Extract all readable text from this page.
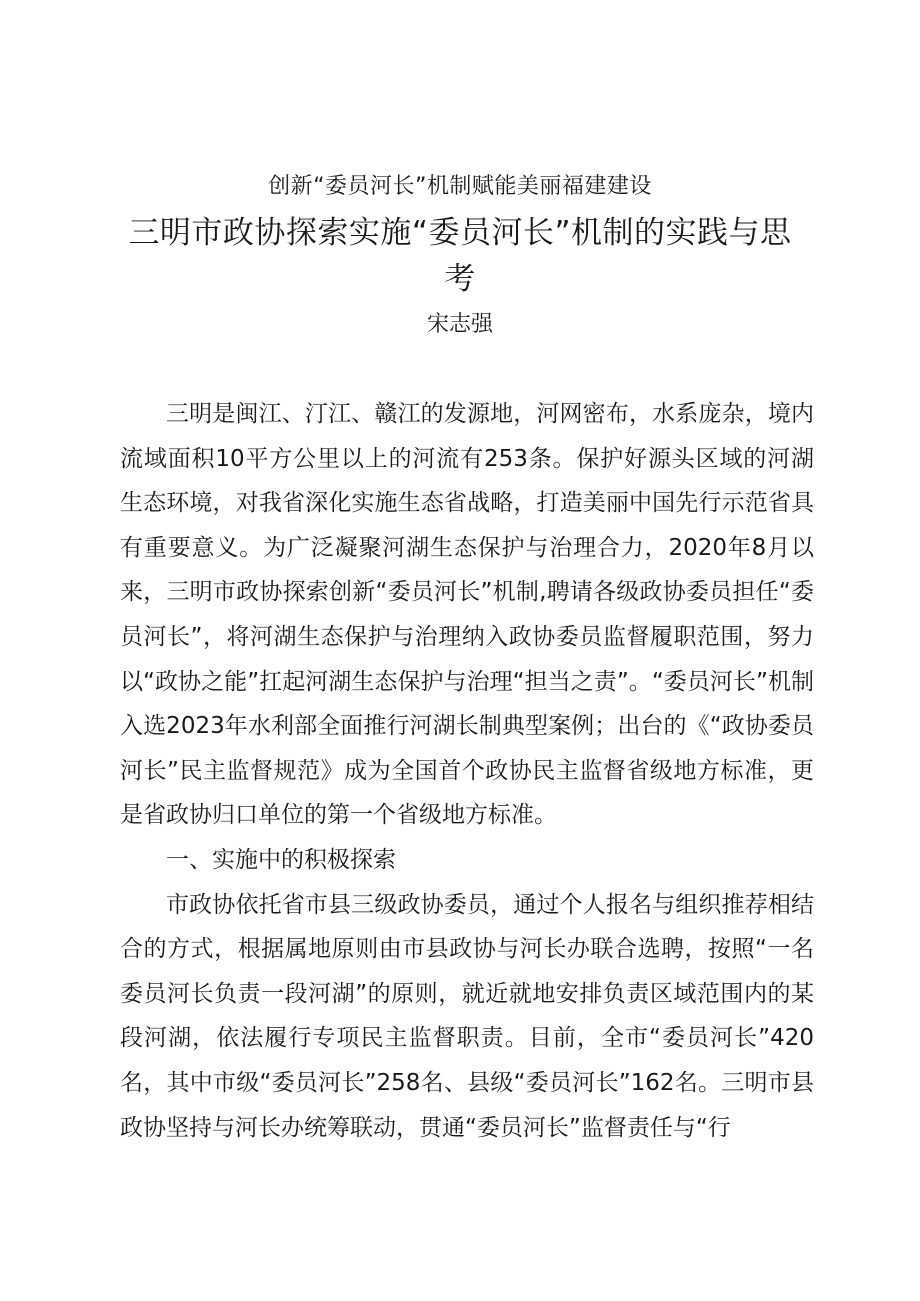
创新“委员河长”机制赋能美丽福建建设
三明市政协探索实施“委员河长”机制的实践与思考
宋志强

三明是闽江、汀江、赣江的发源地，河网密布，水系庞杂，境内流域面积10平方公里以上的河流有253条。保护好源头区域的河湖生态环境，对我省深化实施生态省战略，打造美丽中国先行示范省具有重要意义。为广泛凝聚河湖生态保护与治理合力，2020年8月以来，三明市政协探索创新“委员河长”机制,聘请各级政协委员担任“委员河长”，将河湖生态保护与治理纳入政协委员监督履职范围，努力以“政协之能”扛起河湖生态保护与治理“担当之责”。“委员河长”机制入选2023年水利部全面推行河湖长制典型案例；出台的《“政协委员河长”民主监督规范》成为全国首个政协民主监督省级地方标准，更是省政协归口单位的第一个省级地方标准。

一、实施中的积极探索

市政协依托省市县三级政协委员，通过个人报名与组织推荐相结合的方式，根据属地原则由市县政协与河长办联合选聘，按照“一名委员河长负责一段河湖”的原则，就近就地安排负责区域范围内的某段河湖，依法履行专项民主监督职责。目前，全市“委员河长”420名，其中市级“委员河长”258名、县级“委员河长”162名。三明市县政协坚持与河长办统筹联动，贯通“委员河长”监督责任与“行
